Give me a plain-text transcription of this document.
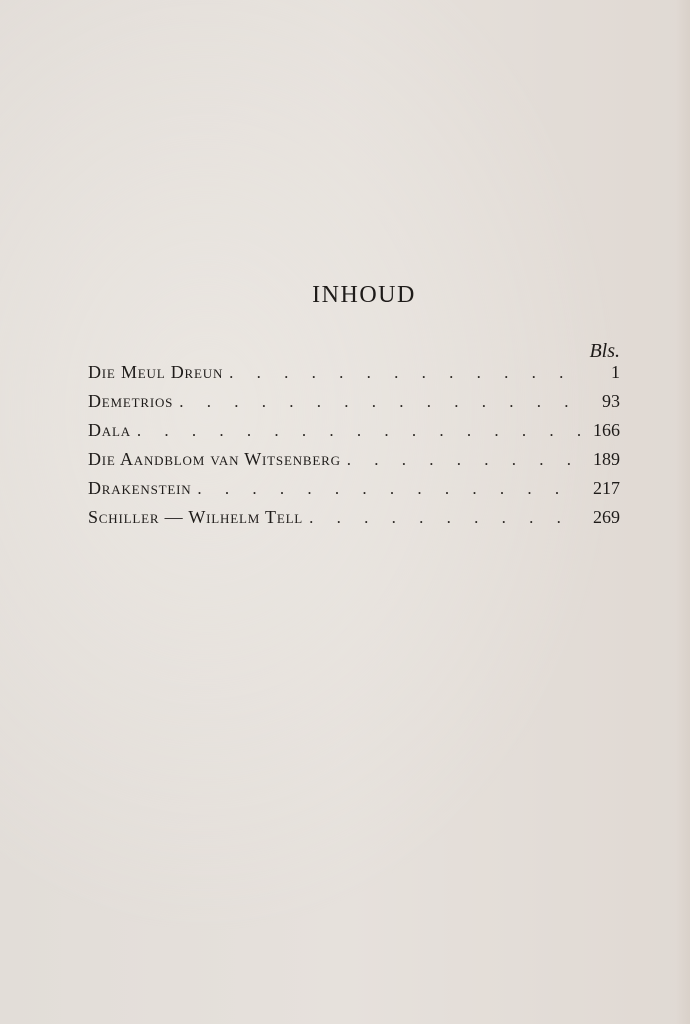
INHOUD
Bls.
Die Meul Dreun . . .	1
Demetrios . . .	93
Dala . . .	166
Die Aandblom van Witsenberg . . .	189
Drakenstein . . .	217
Schiller — Wilhelm Tell . . .	269
